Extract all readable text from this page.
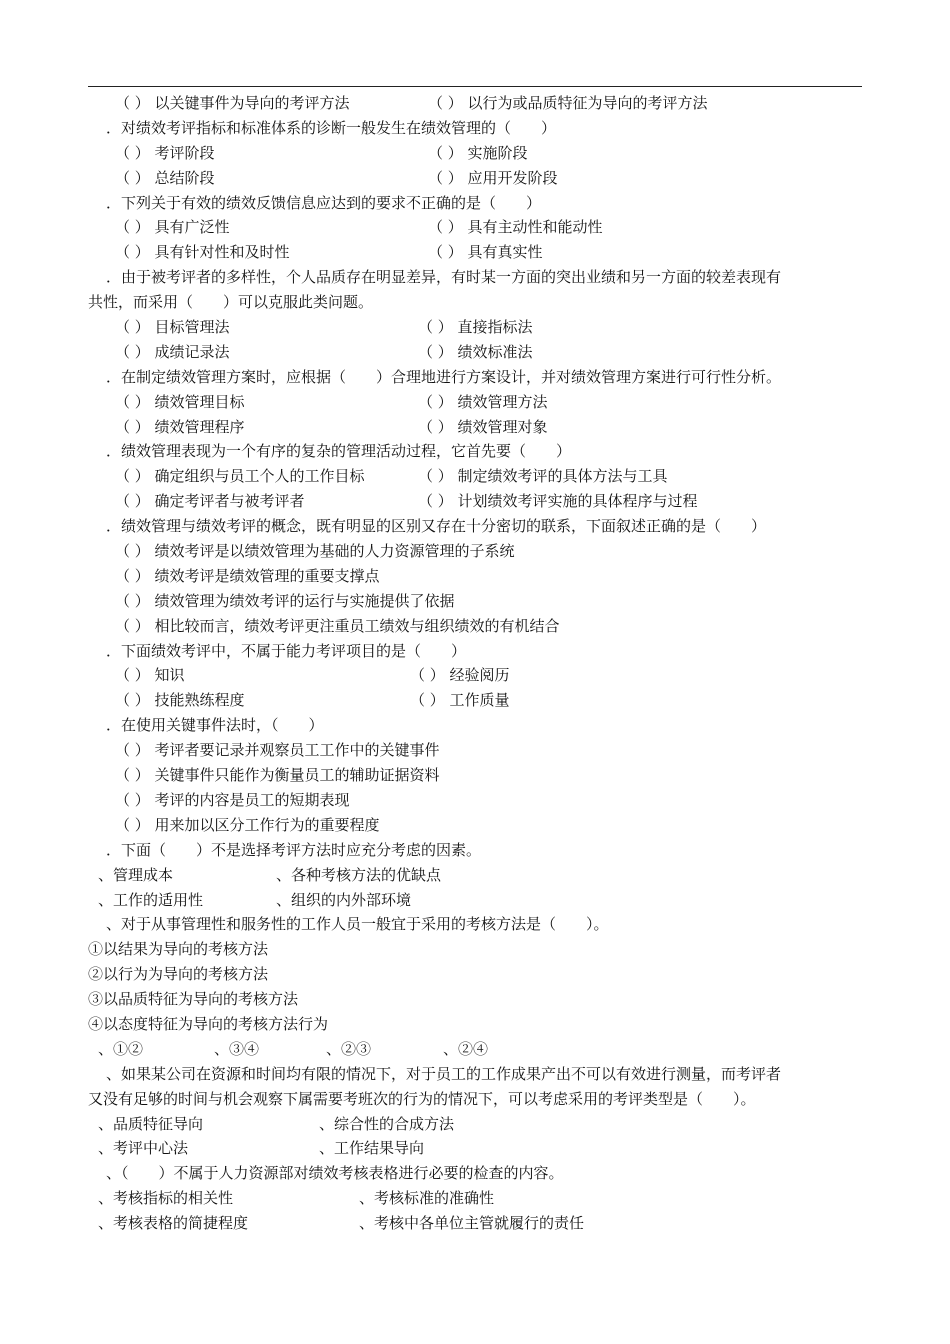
（ ） 以关键事件为导向的考评方法	（ ） 以行为或品质特征为导向的考评方法
．对绩效考评指标和标准体系的诊断一般发生在绩效管理的（　　）
（ ） 考评阶段	（ ） 实施阶段
（ ） 总结阶段	（ ） 应用开发阶段
．下列关于有效的绩效反馈信息应达到的要求不正确的是（　　）
（ ） 具有广泛性	（ ） 具有主动性和能动性
（ ） 具有针对性和及时性	（ ） 具有真实性
．由于被考评者的多样性，个人品质存在明显差异，有时某一方面的突出业绩和另一方面的较差表现有
共性，而采用（　　）可以克服此类问题。
（ ） 目标管理法	（ ） 直接指标法
（ ） 成绩记录法	（ ） 绩效标准法
．在制定绩效管理方案时，应根据（　　）合理地进行方案设计，并对绩效管理方案进行可行性分析。
（ ） 绩效管理目标	（ ） 绩效管理方法
（ ） 绩效管理程序	（ ） 绩效管理对象
．绩效管理表现为一个有序的复杂的管理活动过程，它首先要（　　）
（ ） 确定组织与员工个人的工作目标	（ ） 制定绩效考评的具体方法与工具
（ ） 确定考评者与被考评者	（ ） 计划绩效考评实施的具体程序与过程
．绩效管理与绩效考评的概念，既有明显的区别又存在十分密切的联系，下面叙述正确的是（　　）
（ ） 绩效考评是以绩效管理为基础的人力资源管理的子系统
（ ） 绩效考评是绩效管理的重要支撑点
（ ） 绩效管理为绩效考评的运行与实施提供了依据
（ ） 相比较而言，绩效考评更注重员工绩效与组织绩效的有机结合
．下面绩效考评中，不属于能力考评项目的是（　　）
（ ） 知识	（ ） 经验阅历
（ ） 技能熟练程度	（ ） 工作质量
．在使用关键事件法时，（　　）
（ ） 考评者要记录并观察员工工作中的关键事件
（ ） 关键事件只能作为衡量员工的辅助证据资料
（ ） 考评的内容是员工的短期表现
（ ） 用来加以区分工作行为的重要程度
．下面（　　）不是选择考评方法时应充分考虑的因素。
、管理成本	、各种考核方法的优缺点
、工作的适用性	、组织的内外部环境
、对于从事管理性和服务性的工作人员一般宜于采用的考核方法是（　　）。
①以结果为导向的考核方法
②以行为为导向的考核方法
③以品质特征为导向的考核方法
④以态度特征为导向的考核方法行为
、①②	、③④	、②③	、②④
、如果某公司在资源和时间均有限的情况下，对于员工的工作成果产出不可以有效进行测量，而考评者
又没有足够的时间与机会观察下属需要考班次的行为的情况下，可以考虑采用的考评类型是（　　）。
、品质特征导向	、综合性的合成方法
、考评中心法	、工作结果导向
、（　　）不属于人力资源部对绩效考核表格进行必要的检查的内容。
、考核指标的相关性	、考核标准的准确性
、考核表格的简捷程度	、考核中各单位主管就履行的责任
